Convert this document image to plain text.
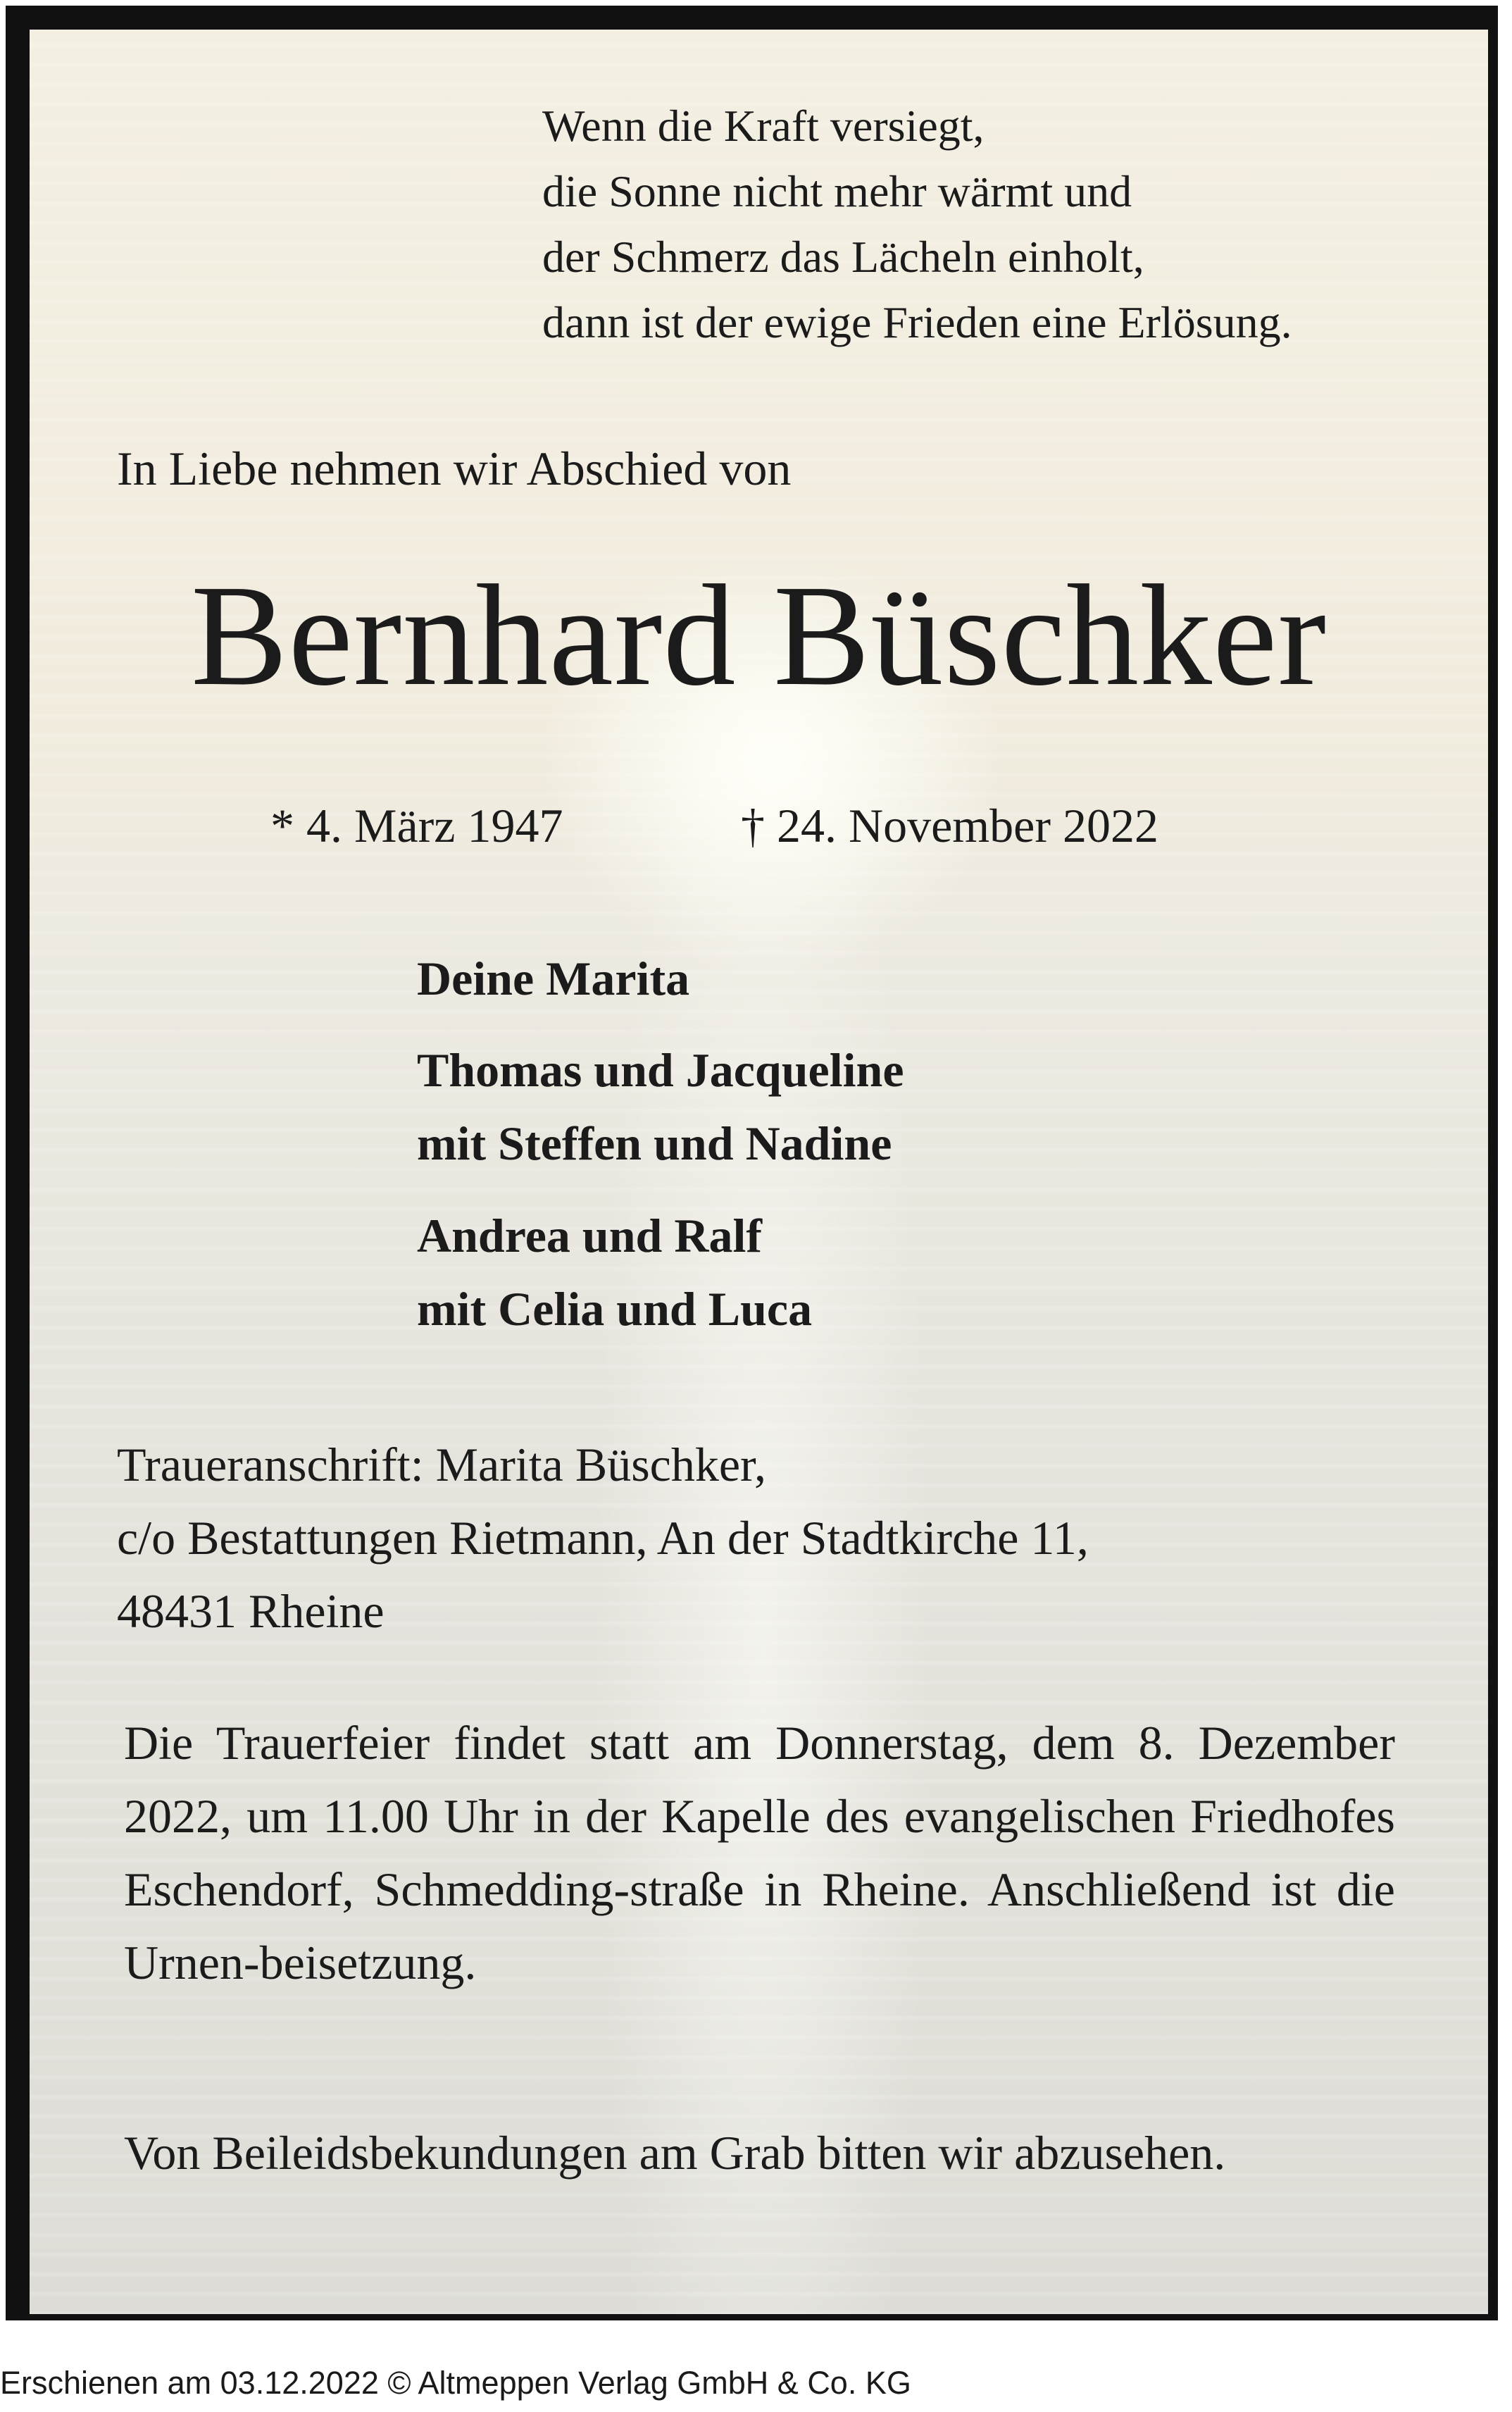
Wenn die Kraft versiegt,
die Sonne nicht mehr wärmt und
der Schmerz das Lächeln einholt,
dann ist der ewige Frieden eine Erlösung.

In Liebe nehmen wir Abschied von

Bernhard Büschker

* 4. März 1947	† 24. November 2022

Deine Marita

Thomas und Jacqueline
mit Steffen und Nadine

Andrea und Ralf
mit Celia und Luca

Traueranschrift: Marita Büschker,
c/o Bestattungen Rietmann, An der Stadtkirche 11,
48431 Rheine

Die Trauerfeier findet statt am Donnerstag, dem 8. Dezember 2022, um 11.00 Uhr in der Kapelle des evangelischen Friedhofes Eschendorf, Schmedding-straße in Rheine. Anschließend ist die Urnen-beisetzung.

Von Beileidsbekundungen am Grab bitten wir abzusehen.

Erschienen am 03.12.2022 © Altmeppen Verlag GmbH & Co. KG
